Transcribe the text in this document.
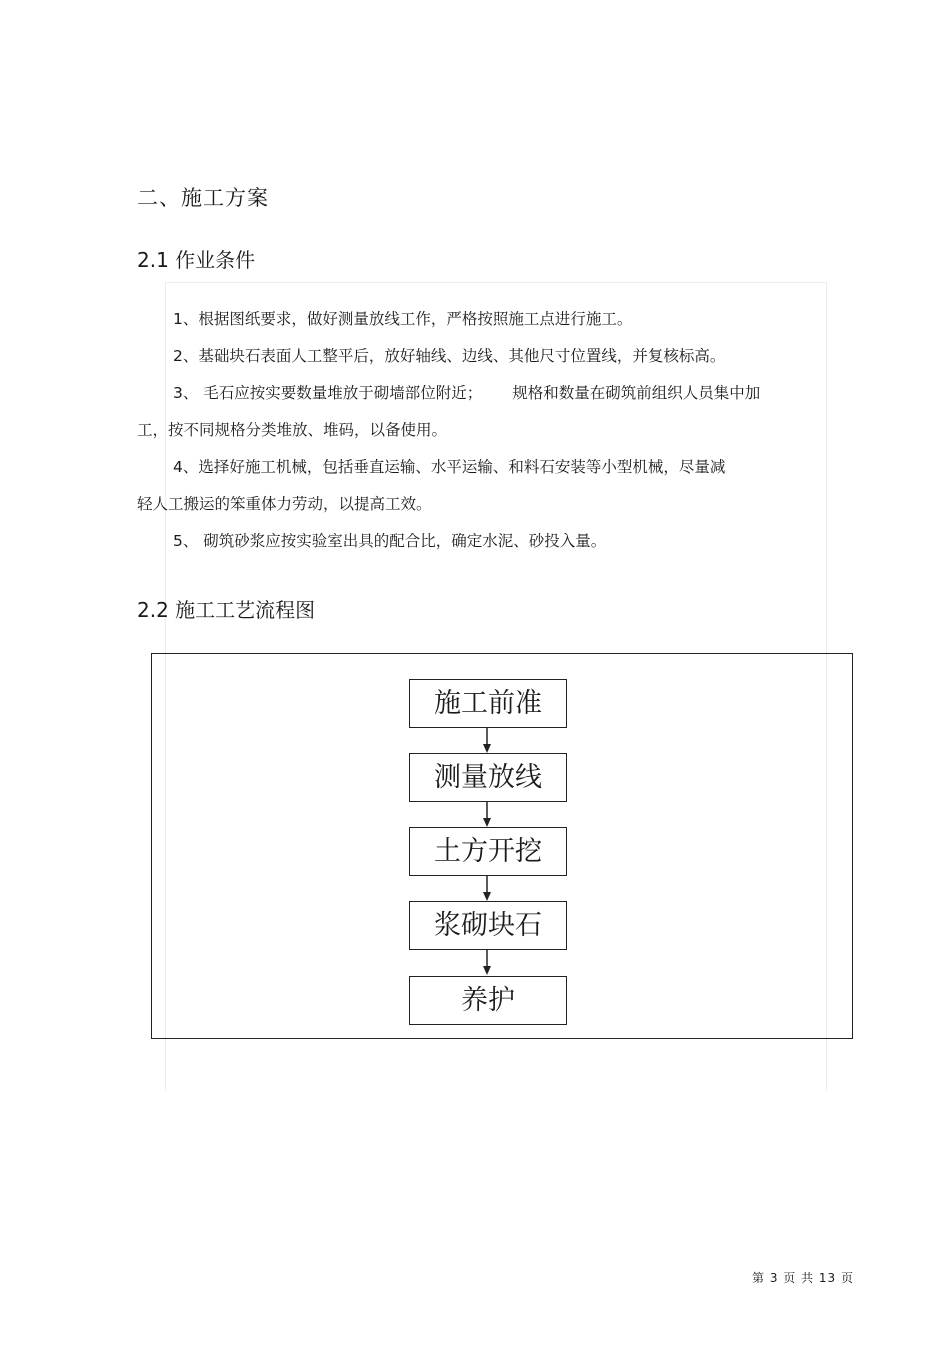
二、施工方案
2.1 作业条件

1、根据图纸要求，做好测量放线工作，严格按照施工点进行施工。

2、基础块石表面人工整平后，放好轴线、边线、其他尺寸位置线，并复核标高。

3、 毛石应按实要数量堆放于砌墙部位附近； 规格和数量在砌筑前组织人员集中加
工，按不同规格分类堆放、堆码，以备使用。

4、选择好施工机械，包括垂直运输、水平运输、和料石安装等小型机械，尽量减
轻人工搬运的笨重体力劳动，以提高工效。

5、 砌筑砂浆应按实验室出具的配合比，确定水泥、砂投入量。

2.2 施工工艺流程图
施工前准
测量放线
土方开挖
浆砌块石
养护
第 3 页 共 13 页
